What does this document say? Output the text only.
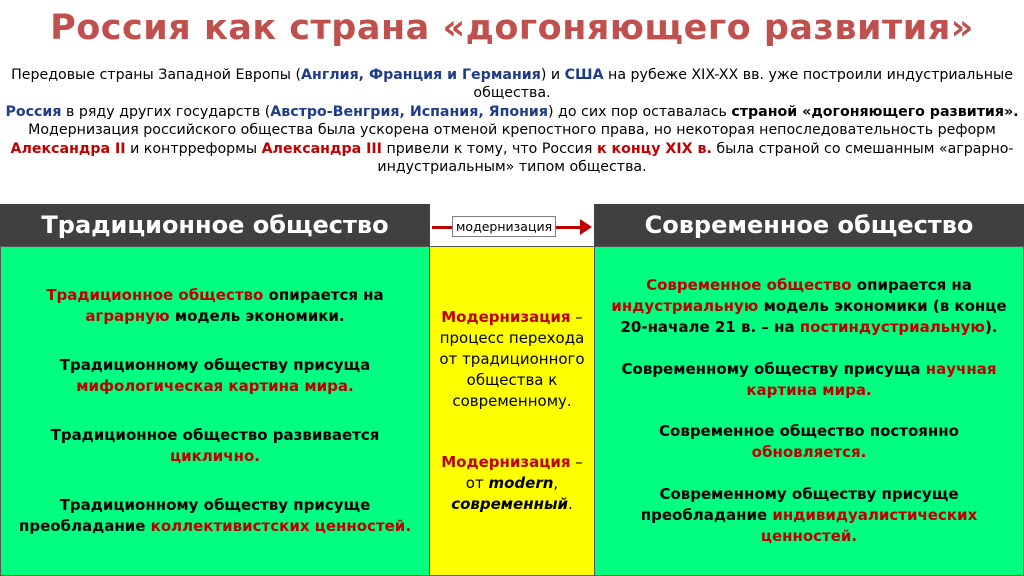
Россия как страна «догоняющего развития»
Передовые страны Западной Европы (Англия, Франция и Германия) и США на рубеже XIX-XX вв. уже построили индустриальные общества.
Россия в ряду других государств (Австро-Венгрия, Испания, Япония) до сих пор оставалась страной «догоняющего развития». Модернизация российского общества была ускорена отменой крепостного права, но некоторая непоследовательность реформ Александра II и контрреформы Александра III привели к тому, что Россия к концу XIX в. была страной со смешанным «аграрно-индустриальным» типом общества.
Традиционное общество	Современное общество
модернизация

Традиционное общество опирается на аграрную модель экономики.

Традиционному обществу присуща мифологическая картина мира.

Традиционное общество развивается циклично.

Традиционному обществу присуще преобладание коллективистских ценностей.

Модернизация – процесс перехода от традиционного общества к современному.

Модернизация – от modern, современный.

Современное общество опирается на индустриальную модель экономики (в конце 20-начале 21 в. – на постиндустриальную).

Современному обществу присуща научная картина мира.

Современное общество постоянно обновляется.

Современному обществу присуще преобладание индивидуалистических ценностей.
